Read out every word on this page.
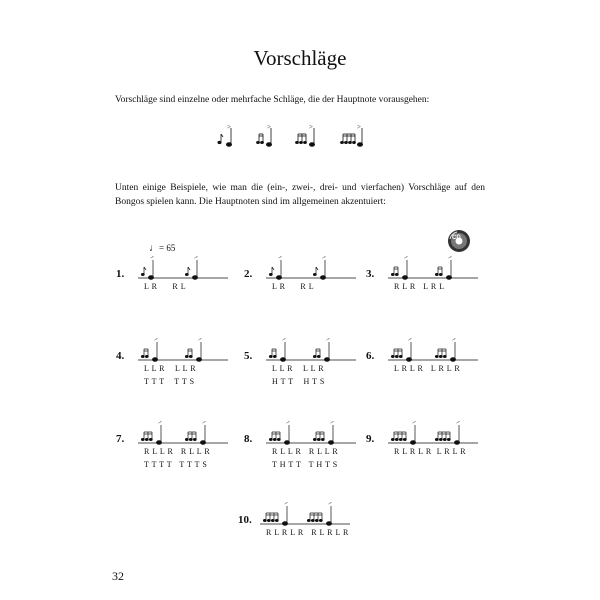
Vorschläge
Vorschläge sind einzelne oder mehrfache Schläge, die der Hauptnote vorausgehen:
>	>	>	>
Unten einige Beispiele, wie man die (ein-, zwei-, drei- und vierfachen) Vorschläge auf den Bongos spielen kann. Die Hauptnoten sind im allgemeinen akzentuiert:
♩= 65
CD
1.
>	>
L R      R L
2.
>	>
L R      R L
3.
>	>
R L R   L R L
4.
>	>
L L R    L L R
T T T    T T S
5.
>	>
L L R    L L R
H T T    H T S
6.
>	>
L R L R   L R L R
7.
>	>
R L L R   R L L R
T T T T   T T T S
8.
>	>
R L L R   R L L R
T H T T   T H T S
9.
>	>
R L R L R  L R L R
10.
>	>
R L R L R   R L R L R
32
